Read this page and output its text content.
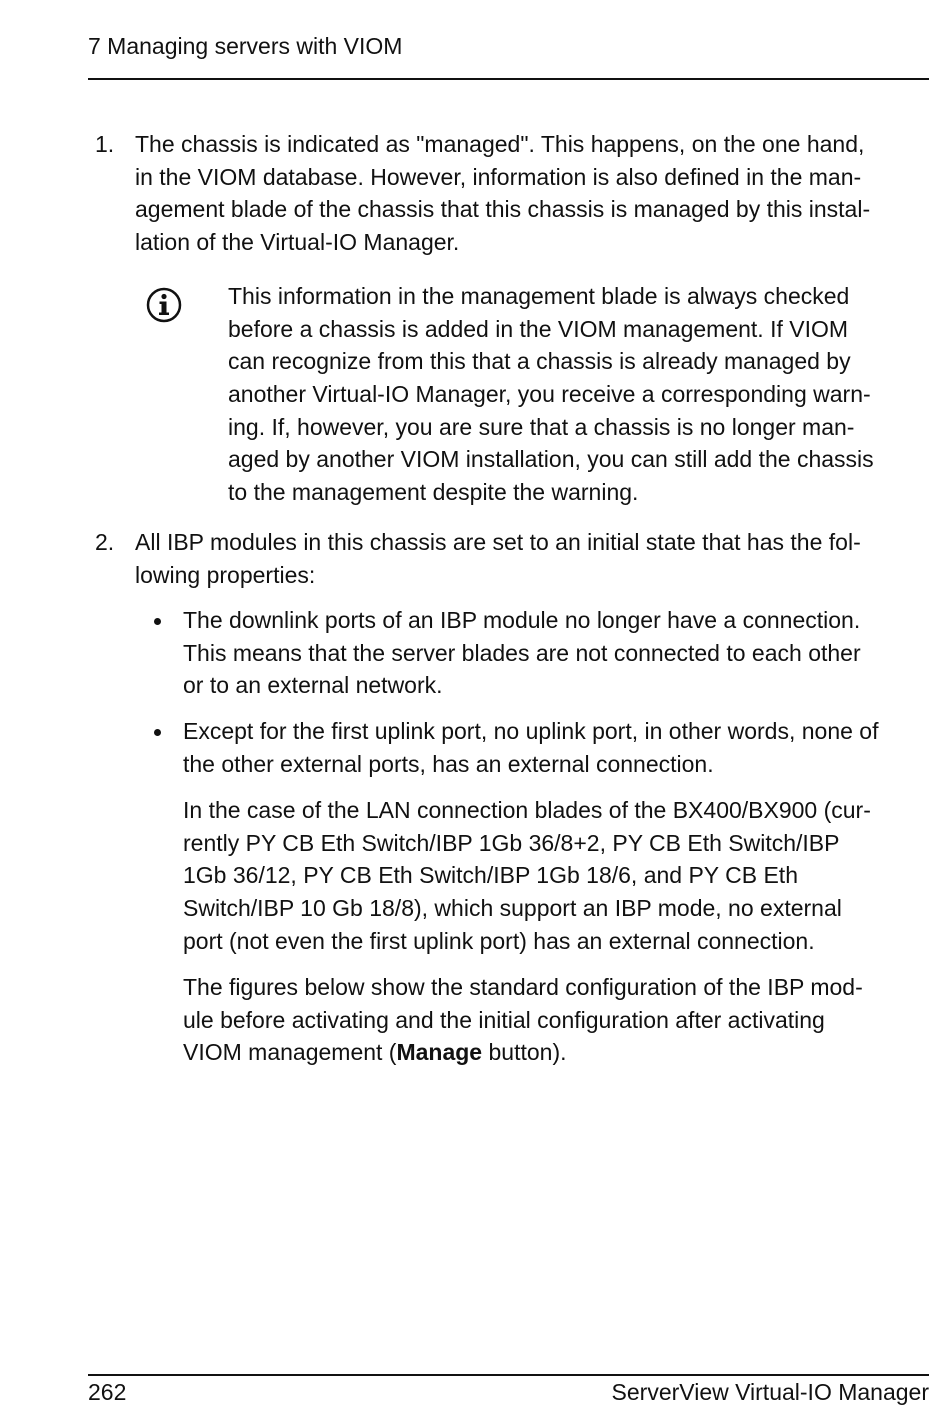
7 Managing servers with VIOM
1. The chassis is indicated as "managed". This happens, on the one hand,
in the VIOM database. However, information is also defined in the man-
agement blade of the chassis that this chassis is managed by this instal-
lation of the Virtual-IO Manager.
This information in the management blade is always checked
before a chassis is added in the VIOM management. If VIOM
can recognize from this that a chassis is already managed by
another Virtual-IO Manager, you receive a corresponding warn-
ing. If, however, you are sure that a chassis is no longer man-
aged by another VIOM installation, you can still add the chassis
to the management despite the warning.
2. All IBP modules in this chassis are set to an initial state that has the fol-
lowing properties:
The downlink ports of an IBP module no longer have a connection.
This means that the server blades are not connected to each other
or to an external network.
Except for the first uplink port, no uplink port, in other words, none of
the other external ports, has an external connection.
In the case of the LAN connection blades of the BX400/BX900 (cur-
rently PY CB Eth Switch/IBP 1Gb 36/8+2, PY CB Eth Switch/IBP
1Gb 36/12, PY CB Eth Switch/IBP 1Gb 18/6, and PY CB Eth
Switch/IBP 10 Gb 18/8), which support an IBP mode, no external
port (not even the first uplink port) has an external connection.
The figures below show the standard configuration of the IBP mod-
ule before activating and the initial configuration after activating
VIOM management (Manage button).
262	ServerView Virtual-IO Manager
